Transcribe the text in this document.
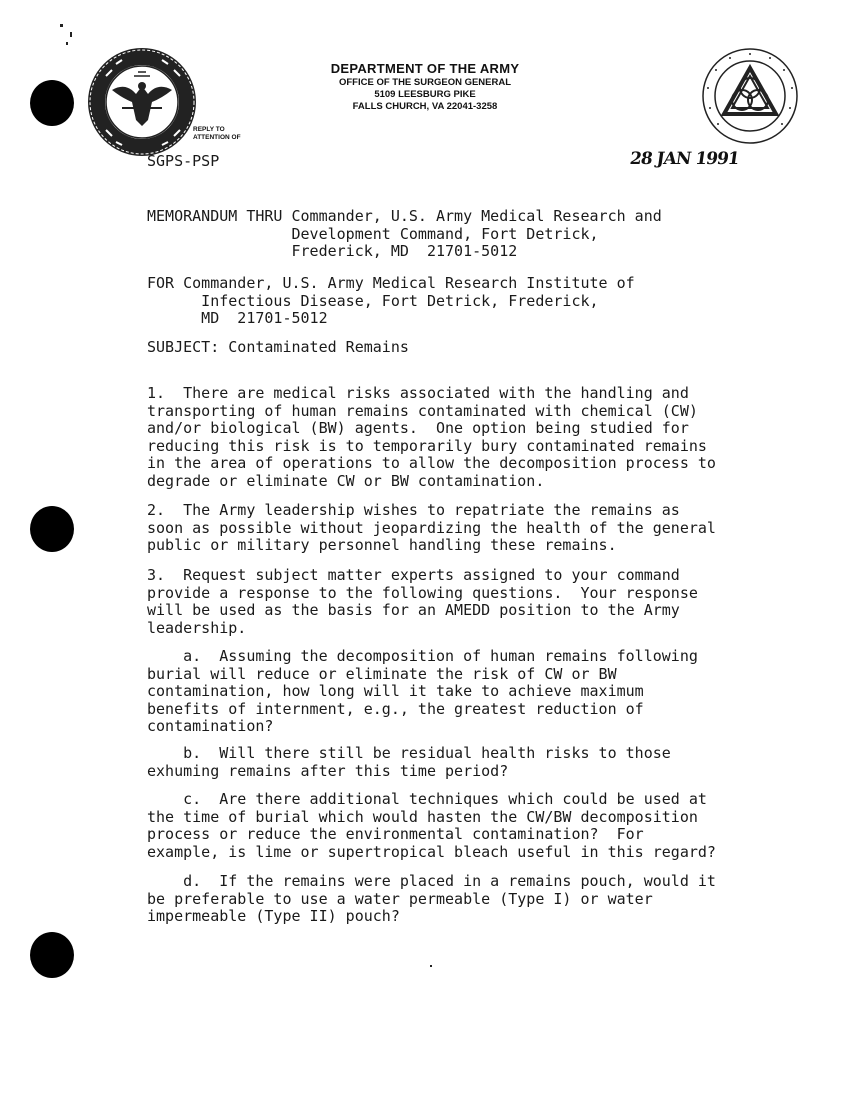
REPLY TO
ATTENTION OF
DEPARTMENT OF THE ARMY
OFFICE OF THE SURGEON GENERAL
5109 LEESBURG PIKE
FALLS CHURCH, VA 22041-3258
SGPS-PSP	28 JAN 1991
MEMORANDUM THRU Commander, U.S. Army Medical Research and
Development Command, Fort Detrick,
Frederick, MD  21701-5012
FOR Commander, U.S. Army Medical Research Institute of
Infectious Disease, Fort Detrick, Frederick,
MD  21701-5012
SUBJECT: Contaminated Remains
1.  There are medical risks associated with the handling and
transporting of human remains contaminated with chemical (CW)
and/or biological (BW) agents.  One option being studied for
reducing this risk is to temporarily bury contaminated remains
in the area of operations to allow the decomposition process to
degrade or eliminate CW or BW contamination.
2.  The Army leadership wishes to repatriate the remains as
soon as possible without jeopardizing the health of the general
public or military personnel handling these remains.
3.  Request subject matter experts assigned to your command
provide a response to the following questions.  Your response
will be used as the basis for an AMEDD position to the Army
leadership.
a.  Assuming the decomposition of human remains following
burial will reduce or eliminate the risk of CW or BW
contamination, how long will it take to achieve maximum
benefits of internment, e.g., the greatest reduction of
contamination?
b.  Will there still be residual health risks to those
exhuming remains after this time period?
c.  Are there additional techniques which could be used at
the time of burial which would hasten the CW/BW decomposition
process or reduce the environmental contamination?  For
example, is lime or supertropical bleach useful in this regard?
d.  If the remains were placed in a remains pouch, would it
be preferable to use a water permeable (Type I) or water
impermeable (Type II) pouch?
